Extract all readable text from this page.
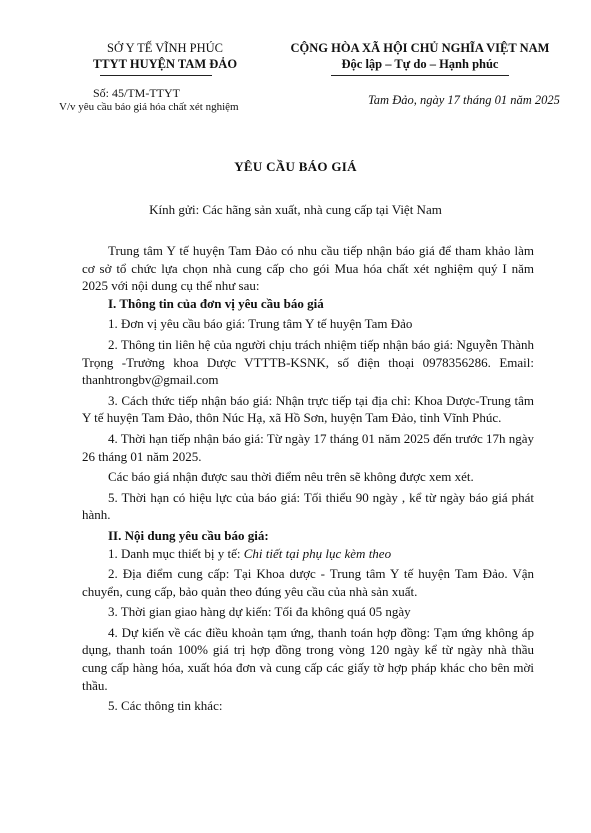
SỞ Y TẾ VĨNH PHÚC
TTYT HUYỆN TAM ĐẢO
CỘNG HÒA XÃ HỘI CHỦ NGHĨA VIỆT NAM
Độc lập – Tự do – Hạnh phúc
Số: 45/TM-TTYT
V/v yêu cầu báo giá hóa chất xét nghiệm	Tam Đảo, ngày 17 tháng 01 năm 2025
YÊU CẦU BÁO GIÁ
Kính gửi: Các hãng sản xuất, nhà cung cấp tại Việt Nam

Trung tâm Y tế huyện Tam Đảo có nhu cầu tiếp nhận báo giá để tham khảo làm cơ sở tổ chức lựa chọn nhà cung cấp cho gói Mua hóa chất xét nghiệm quý I năm 2025 với nội dung cụ thể như sau:

I. Thông tin của đơn vị yêu cầu báo giá

1. Đơn vị yêu cầu báo giá: Trung tâm Y tế huyện Tam Đảo

2. Thông tin liên hệ của người chịu trách nhiệm tiếp nhận báo giá: Nguyễn Thành Trọng -Trưởng khoa Dược VTTTB-KSNK, số điện thoại 0978356286. Email: thanhtrongbv@gmail.com

3. Cách thức tiếp nhận báo giá: Nhận trực tiếp tại địa chỉ: Khoa Dược-Trung tâm Y tế huyện Tam Đảo, thôn Núc Hạ, xã Hồ Sơn, huyện Tam Đảo, tỉnh Vĩnh Phúc.

4. Thời hạn tiếp nhận báo giá: Từ ngày 17 tháng 01 năm 2025 đến trước 17h ngày 26 tháng 01 năm 2025.

Các báo giá nhận được sau thời điểm nêu trên sẽ không được xem xét.

5. Thời hạn có hiệu lực của báo giá: Tối thiểu 90 ngày , kể từ ngày báo giá phát hành.

II. Nội dung yêu cầu báo giá:

1. Danh mục thiết bị y tế: Chi tiết tại phụ lục kèm theo

2. Địa điểm cung cấp: Tại Khoa dược - Trung tâm Y tế huyện Tam Đảo. Vận chuyển, cung cấp, bảo quản theo đúng yêu cầu của nhà sản xuất.

3. Thời gian giao hàng dự kiến: Tối đa không quá 05 ngày

4. Dự kiến về các điều khoản tạm ứng, thanh toán hợp đồng: Tạm ứng không áp dụng, thanh toán 100% giá trị hợp đồng trong vòng 120 ngày kể từ ngày nhà thầu cung cấp hàng hóa, xuất hóa đơn và cung cấp các giấy tờ hợp pháp khác cho bên mời thầu.

5. Các thông tin khác:
